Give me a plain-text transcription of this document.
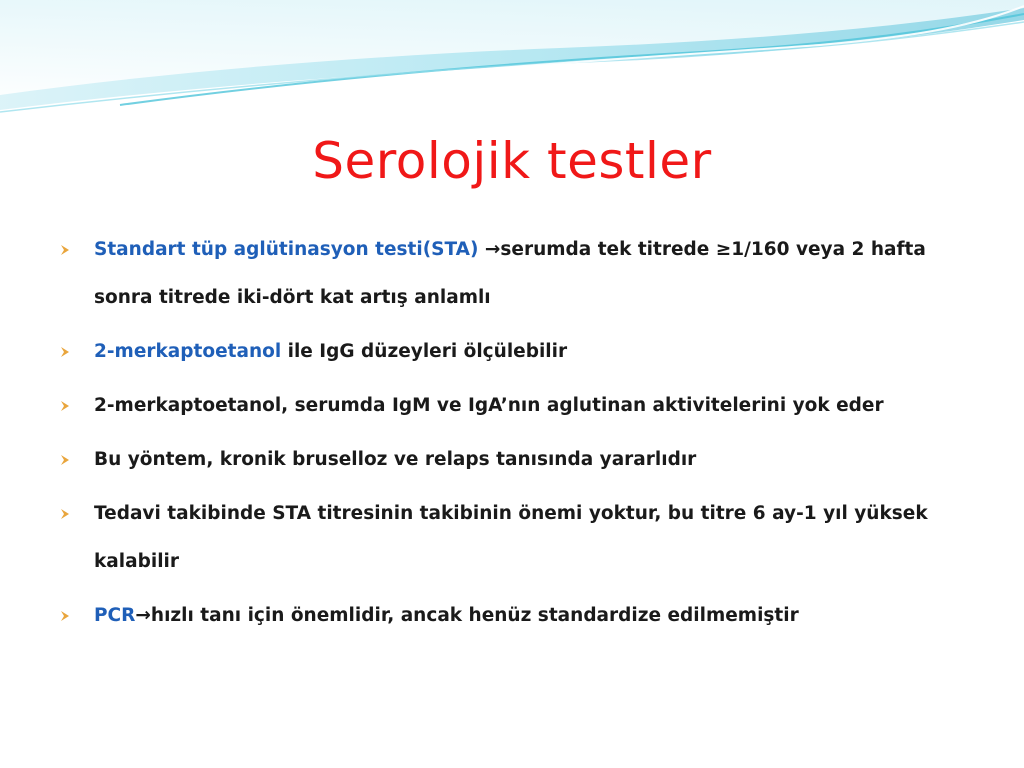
Serolojik testler
Standart tüp aglütinasyon testi(STA) →serumda tek titrede ≥1/160 veya 2 hafta sonra titrede iki-dört kat artış anlamlı
2-merkaptoetanol ile IgG düzeyleri ölçülebilir
2-merkaptoetanol, serumda IgM ve IgA’nın aglutinan aktivitelerini yok eder
Bu yöntem, kronik bruselloz ve relaps tanısında yararlıdır
Tedavi takibinde STA titresinin takibinin önemi yoktur, bu titre 6 ay-1 yıl yüksek kalabilir
PCR→hızlı tanı için önemlidir, ancak henüz standardize edilmemiştir
